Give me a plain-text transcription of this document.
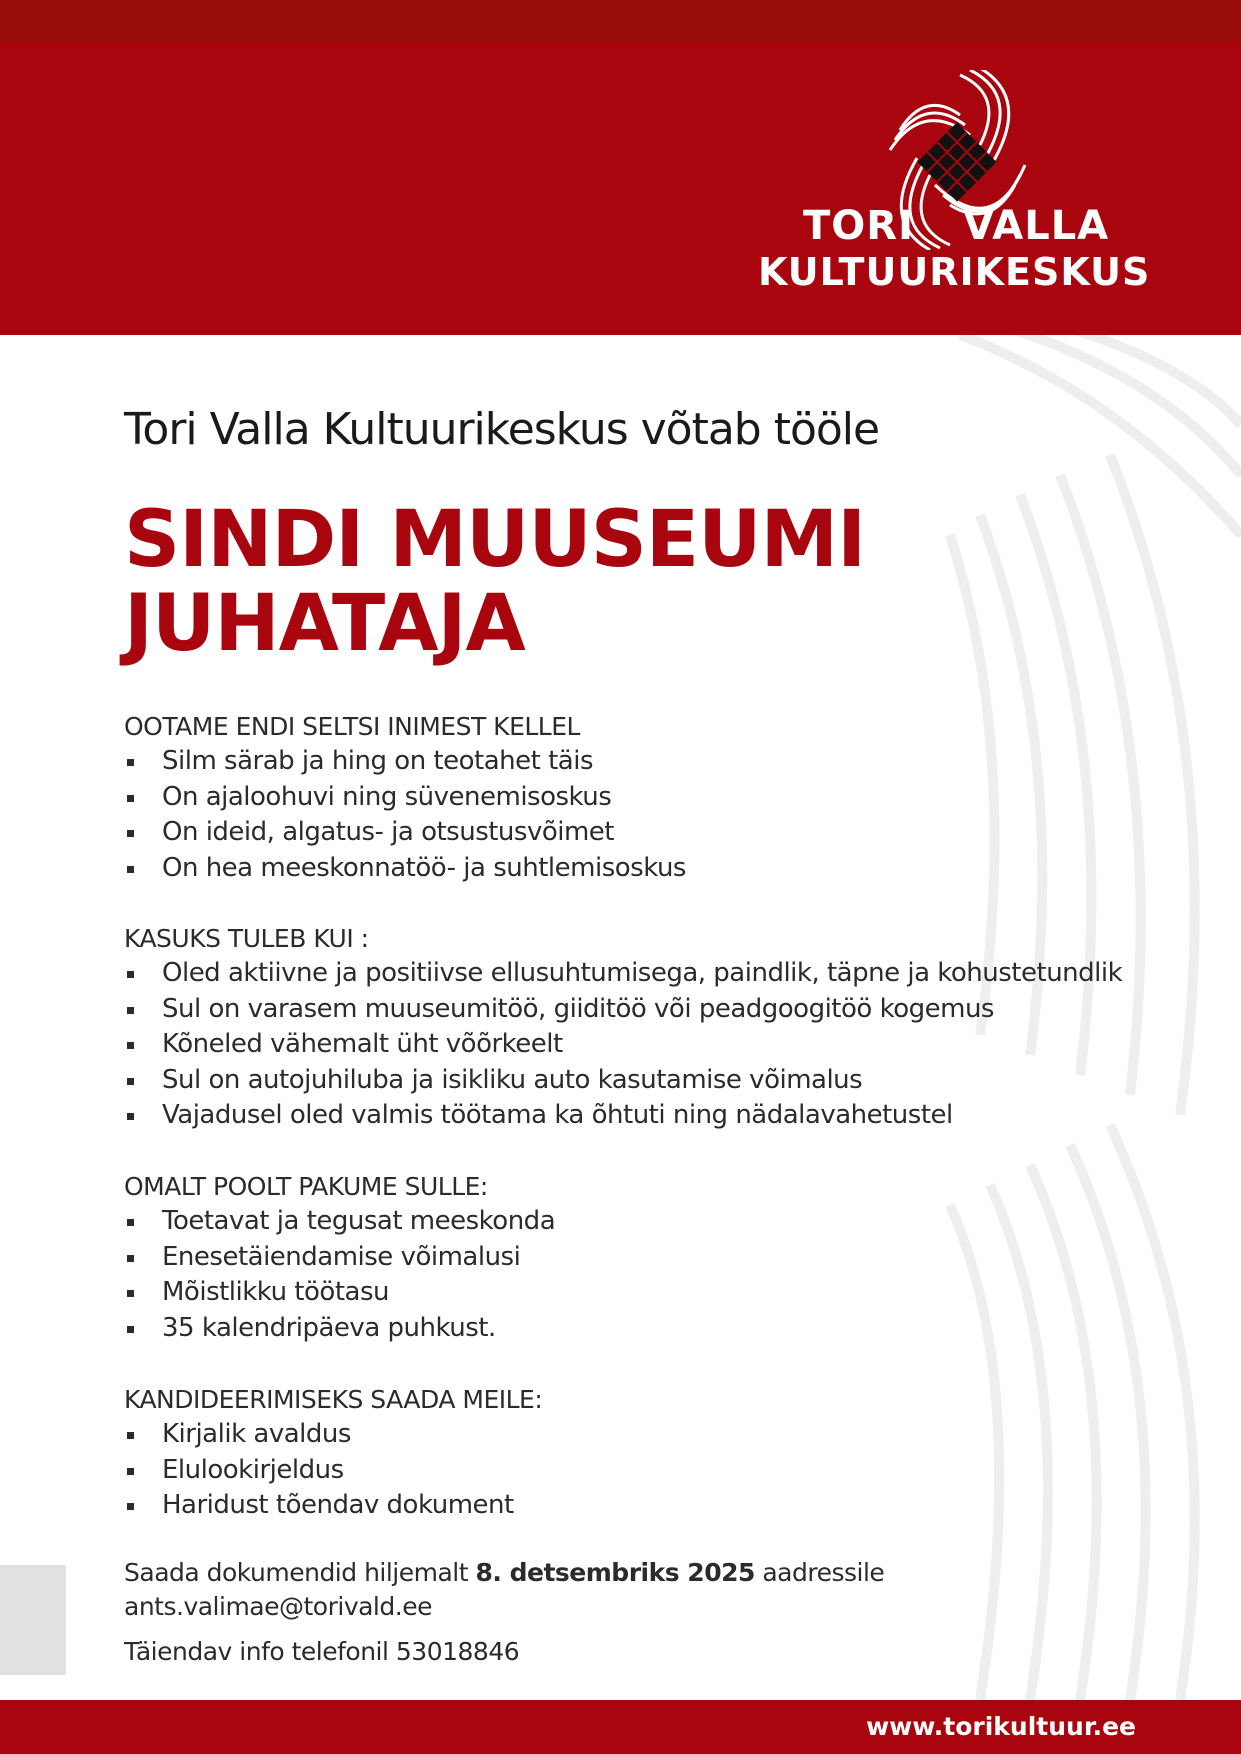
TORI VALLA
KULTUURIKESKUS
Tori Valla Kultuurikeskus võtab tööle
SINDI MUUSEUMI
JUHATAJA
OOTAME ENDI SELTSI INIMEST KELLEL
Silm särab ja hing on teotahet täis
On ajaloohuvi ning süvenemisoskus
On ideid, algatus- ja otsustusvõimet
On hea meeskonnatöö- ja suhtlemisoskus
KASUKS TULEB KUI :
Oled aktiivne ja positiivse ellusuhtumisega, paindlik, täpne ja kohustetundlik
Sul on varasem muuseumitöö, giiditöö või peadgoogitöö kogemus
Kõneled vähemalt üht võõrkeelt
Sul on autojuhiluba ja isikliku auto kasutamise võimalus
Vajadusel oled valmis töötama ka õhtuti ning nädalavahetustel
OMALT POOLT PAKUME SULLE:
Toetavat ja tegusat meeskonda
Enesetäiendamise võimalusi
Mõistlikku töötasu
35 kalendripäeva puhkust.
KANDIDEERIMISEKS SAADA MEILE:
Kirjalik avaldus
Elulookirjeldus
Haridust tõendav dokument
Saada dokumendid hiljemalt 8. detsembriks 2025 aadressile
ants.valimae@torivald.ee
Täiendav info telefonil 53018846
www.torikultuur.ee
